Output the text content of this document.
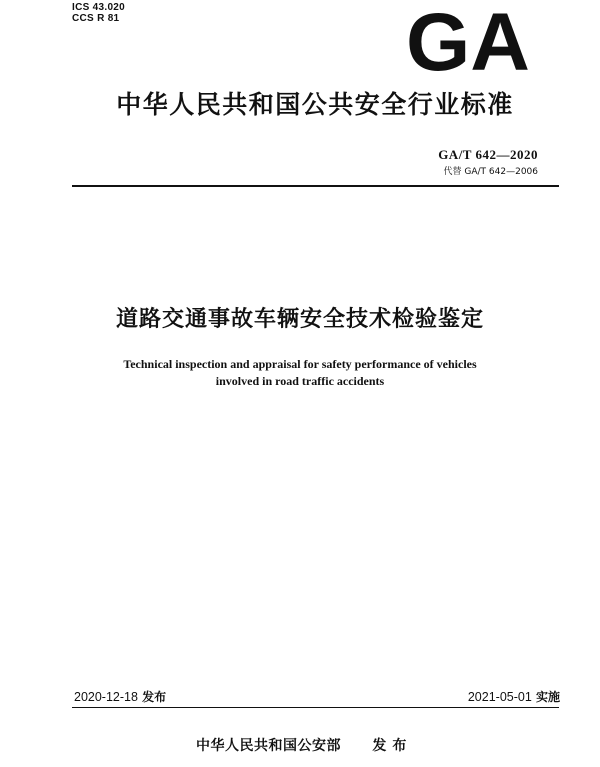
ICS 43.020
CCS R 81	GA
中华人民共和国公共安全行业标准
GA/T 642—2020
代替 GA/T 642—2006
道路交通事故车辆安全技术检验鉴定
Technical inspection and appraisal for safety performance of vehicles
involved in road traffic accidents
2020-12-18 发布	2021-05-01 实施
中华人民共和国公安部 发布
